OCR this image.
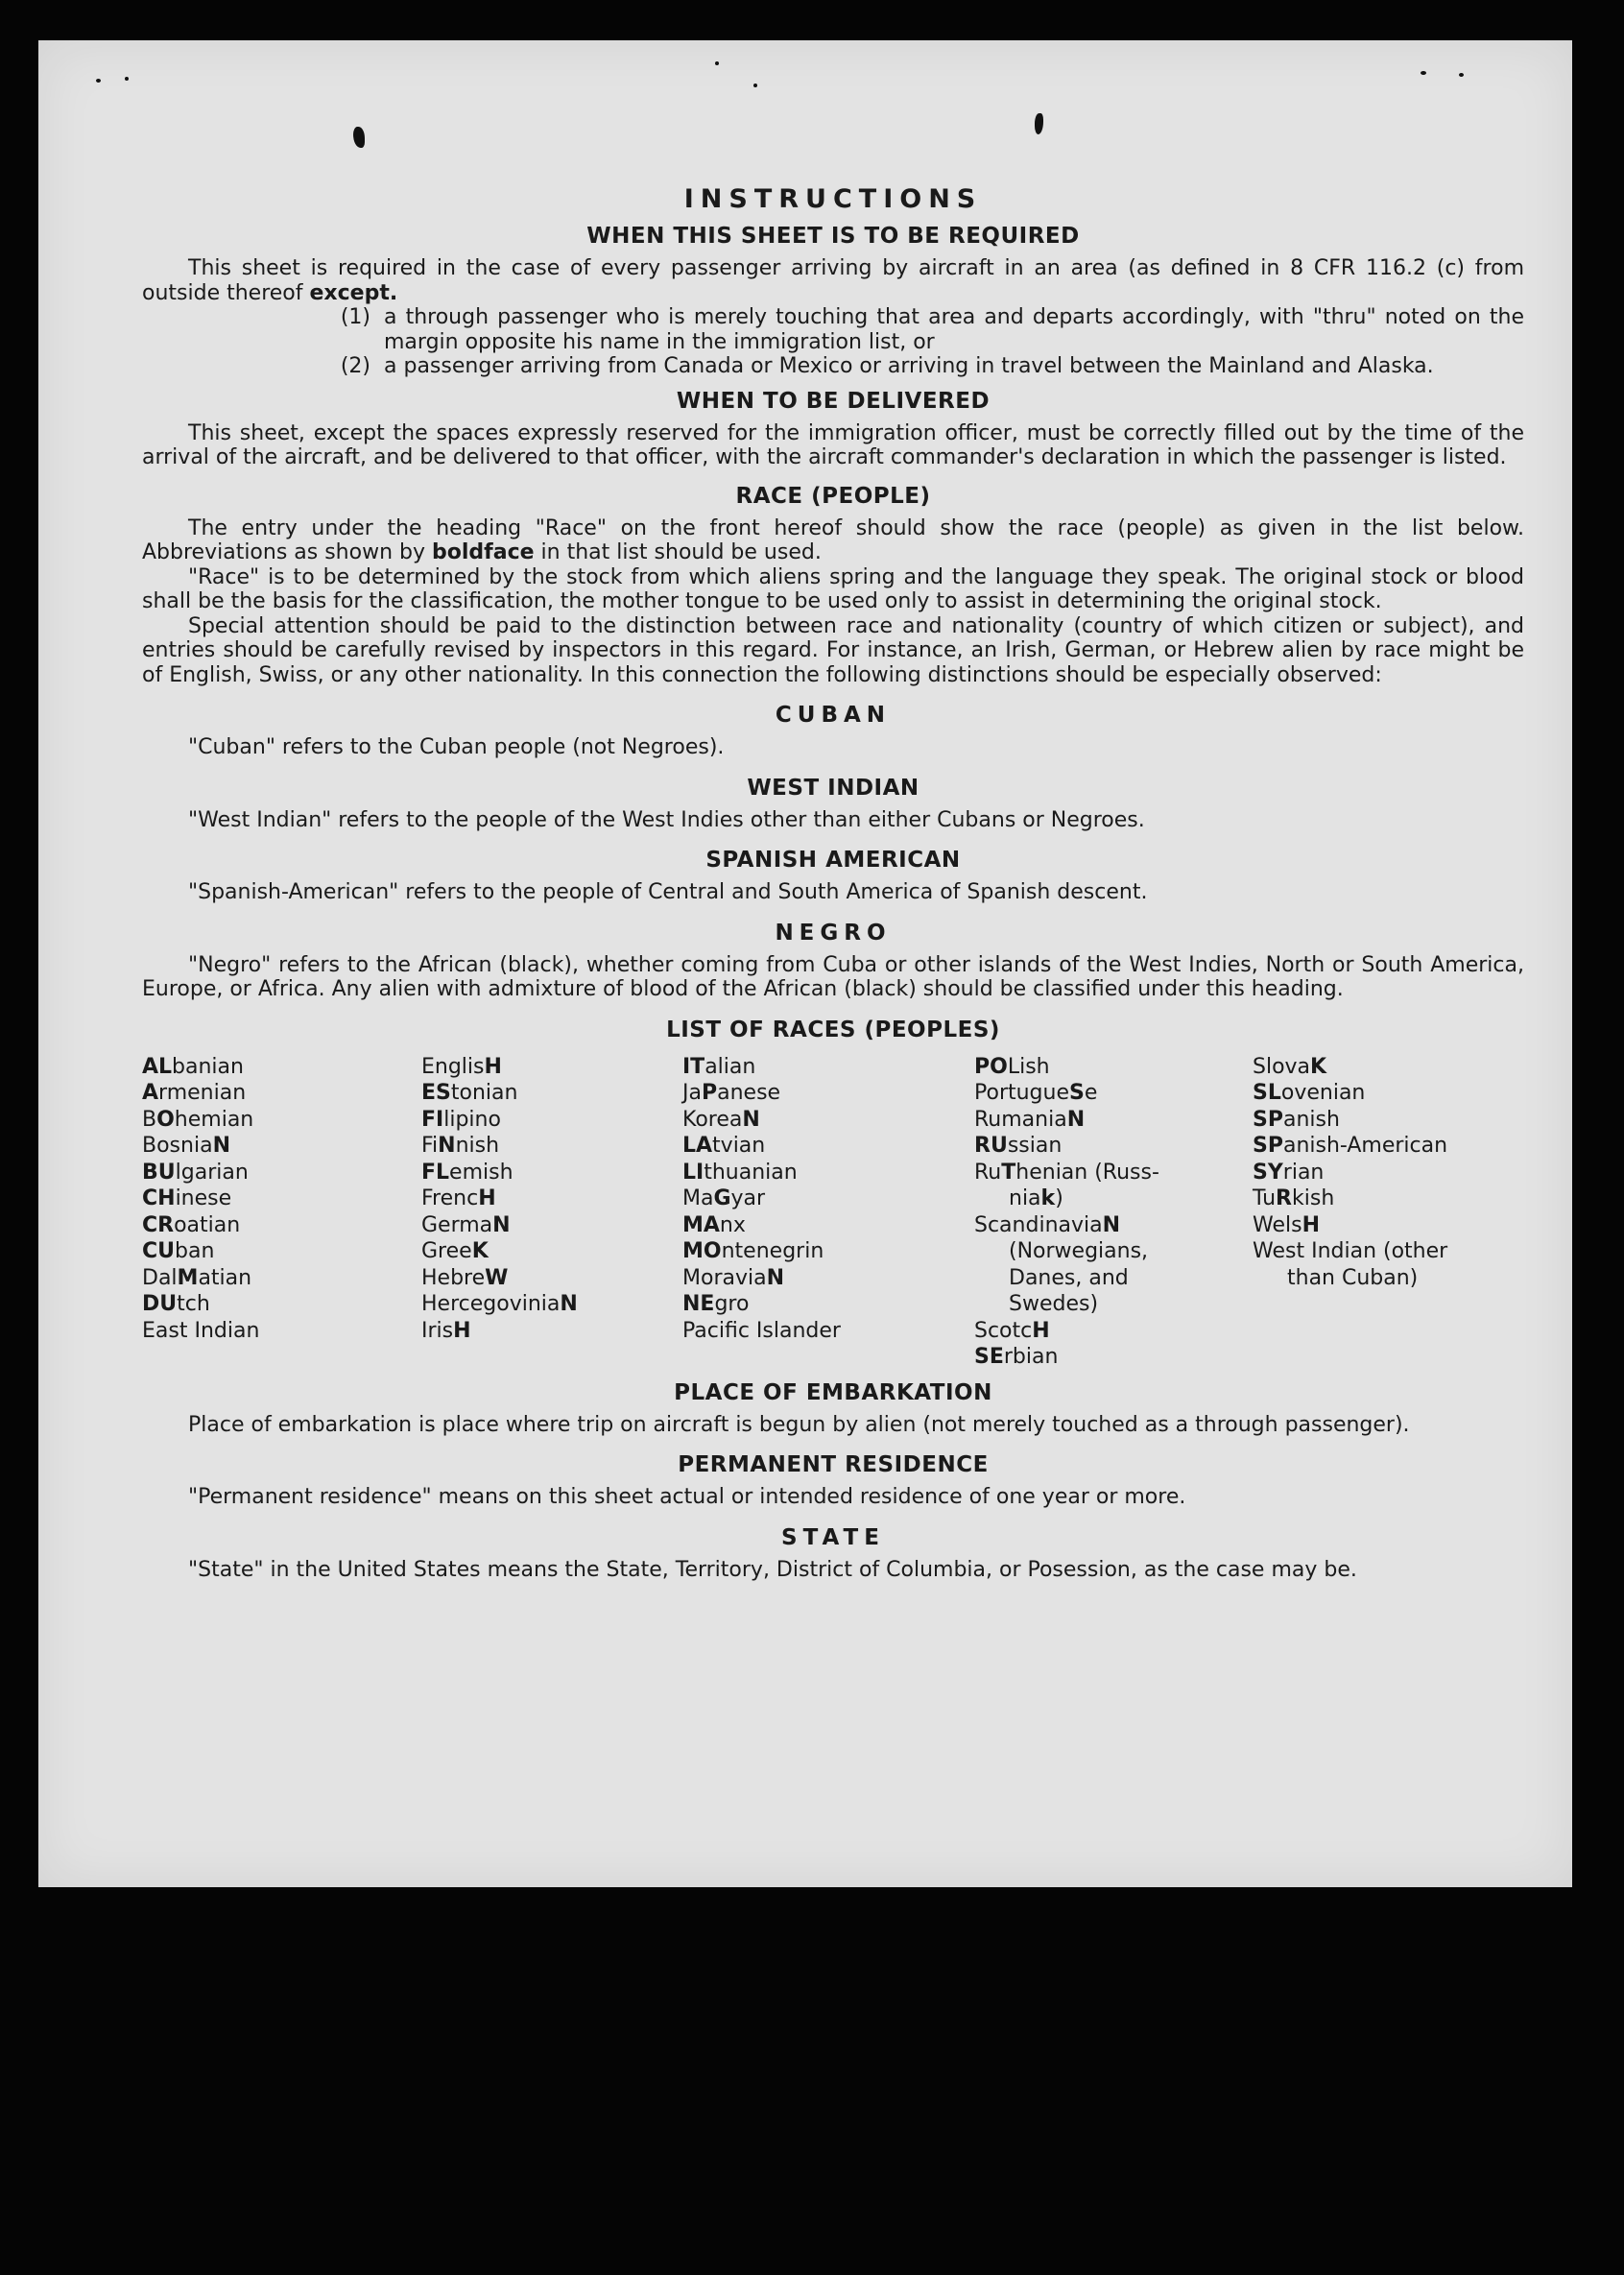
INSTRUCTIONS
WHEN THIS SHEET IS TO BE REQUIRED

This sheet is required in the case of every passenger arriving by aircraft in an area (as defined in 8 CFR 116.2 (c) from outside thereof except.

(1) a through passenger who is merely touching that area and departs accordingly, with "thru" noted on the margin opposite his name in the immigration list, or
(2) a passenger arriving from Canada or Mexico or arriving in travel between the Mainland and Alaska.
WHEN TO BE DELIVERED

This sheet, except the spaces expressly reserved for the immigration officer, must be correctly filled out by the time of the arrival of the aircraft, and be delivered to that officer, with the aircraft commander's declaration in which the passenger is listed.

RACE (PEOPLE)

The entry under the heading "Race" on the front hereof should show the race (people) as given in the list below. Abbreviations as shown by boldface in that list should be used.

"Race" is to be determined by the stock from which aliens spring and the language they speak. The original stock or blood shall be the basis for the classification, the mother tongue to be used only to assist in determining the original stock.

Special attention should be paid to the distinction between race and nationality (country of which citizen or subject), and entries should be carefully revised by inspectors in this regard. For instance, an Irish, German, or Hebrew alien by race might be of English, Swiss, or any other nationality. In this connection the following distinctions should be especially observed:

CUBAN

"Cuban" refers to the Cuban people (not Negroes).

WEST INDIAN

"West Indian" refers to the people of the West Indies other than either Cubans or Negroes.

SPANISH AMERICAN

"Spanish-American" refers to the people of Central and South America of Spanish descent.

NEGRO

"Negro" refers to the African (black), whether coming from Cuba or other islands of the West Indies, North or South America, Europe, or Africa. Any alien with admixture of blood of the African (black) should be classified under this heading.

LIST OF RACES (PEOPLES)
ALbanian
Armenian
BOhemian
BosniaN
BUlgarian
CHinese
CRoatian
CUban
DalMatian
DUtch
East Indian
EnglisH
EStonian
FIlipino
FiNnish
FLemish
FrencH
GermaN
GreeK
HebreW
HercegoviniaN
IrisH
ITalian
JaPanese
KoreaN
LAtvian
LIthuanian
MaGyar
MAnx
MOntenegrin
MoraviaN
NEgro
Pacific Islander
POLish
PortugueSe
RumaniaN
RUssian
RuThenian (Russ-
niak)
ScandinaviaN
(Norwegians,
Danes, and
Swedes)
ScotcH
SErbian
SlovaK
SLovenian
SPanish
SPanish-American
SYrian
TuRkish
WelsH
West Indian (other
than Cuban)
PLACE OF EMBARKATION

Place of embarkation is place where trip on aircraft is begun by alien (not merely touched as a through passenger).

PERMANENT RESIDENCE

"Permanent residence" means on this sheet actual or intended residence of one year or more.

STATE

"State" in the United States means the State, Territory, District of Columbia, or Posession, as the case may be.
